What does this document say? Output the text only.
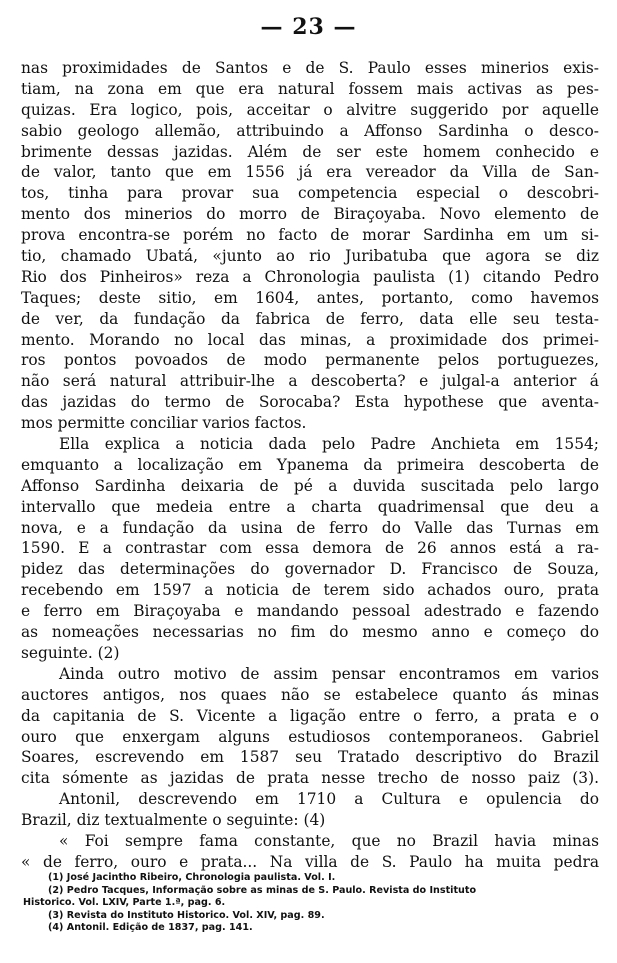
— 23 —
nas proximidades de Santos e de S. Paulo esses minerios exis-
tiam, na zona em que era natural fossem mais activas as pes-
quizas. Era logico, pois, acceitar o alvitre suggerido por aquelle
sabio geologo allemão, attribuindo a Affonso Sardinha o desco-
brimente dessas jazidas. Além de ser este homem conhecido e
de valor, tanto que em 1556 já era vereador da Villa de San-
tos, tinha para provar sua competencia especial o descobri-
mento dos minerios do morro de Biraçoyaba. Novo elemento de
prova encontra-se porém no facto de morar Sardinha em um si-
tio, chamado Ubatá, «junto ao rio Juribatuba que agora se diz
Rio dos Pinheiros» reza a Chronologia paulista (1) citando Pedro
Taques; deste sitio, em 1604, antes, portanto, como havemos
de ver, da fundação da fabrica de ferro, data elle seu testa-
mento. Morando no local das minas, a proximidade dos primei-
ros pontos povoados de modo permanente pelos portuguezes,
não será natural attribuir-lhe a descoberta? e julgal-a anterior á
das jazidas do termo de Sorocaba? Esta hypothese que aventa-
mos permitte conciliar varios factos.
Ella explica a noticia dada pelo Padre Anchieta em 1554;
emquanto a localização em Ypanema da primeira descoberta de
Affonso Sardinha deixaria de pé a duvida suscitada pelo largo
intervallo que medeia entre a charta quadrimensal que deu a
nova, e a fundação da usina de ferro do Valle das Turnas em
1590. E a contrastar com essa demora de 26 annos está a ra-
pidez das determinações do governador D. Francisco de Souza,
recebendo em 1597 a noticia de terem sido achados ouro, prata
e ferro em Biraçoyaba e mandando pessoal adestrado e fazendo
as nomeações necessarias no fim do mesmo anno e começo do
seguinte. (2)
Ainda outro motivo de assim pensar encontramos em varios
auctores antigos, nos quaes não se estabelece quanto ás minas
da capitania de S. Vicente a ligação entre o ferro, a prata e o
ouro que enxergam alguns estudiosos contemporaneos. Gabriel
Soares, escrevendo em 1587 seu Tratado descriptivo do Brazil
cita sómente as jazidas de prata nesse trecho de nosso paiz (3).
Antonil, descrevendo em 1710 a Cultura e opulencia do
Brazil, diz textualmente o seguinte: (4)
« Foi sempre fama constante, que no Brazil havia minas
« de ferro, ouro e prata... Na villa de S. Paulo ha muita pedra
(1) José Jacintho Ribeiro, Chronologia paulista. Vol. I.
(2) Pedro Tacques, Informação sobre as minas de S. Paulo. Revista do Instituto
Historico. Vol. LXIV, Parte 1.ª, pag. 6.
(3) Revista do Instituto Historico. Vol. XIV, pag. 89.
(4) Antonil. Edição de 1837, pag. 141.
